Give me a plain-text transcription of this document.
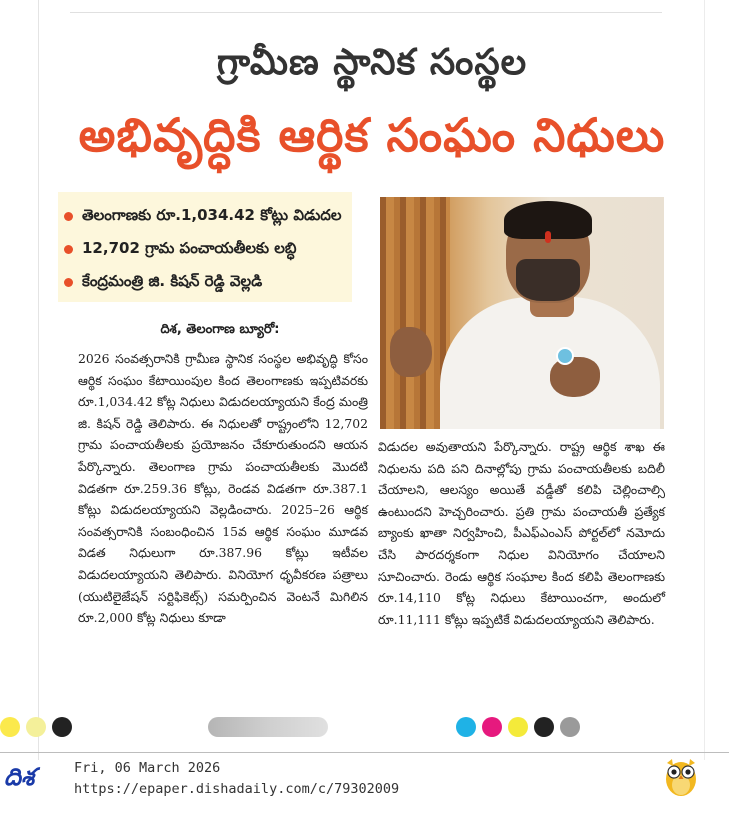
గ్రామీణ స్థానిక సంస్థల
అభివృద్ధికి ఆర్థిక సంఘం నిధులు
తెలంగాణకు రూ.1,034.42 కోట్లు విడుదల
12,702 గ్రామ పంచాయతీలకు లబ్ధి
కేంద్రమంత్రి జి. కిషన్ రెడ్డి వెల్లడి
దిశ, తెలంగాణ బ్యూరో:

2026 సంవత్సరానికి గ్రామీణ స్థానిక సంస్థల అభివృద్ధి కోసం ఆర్థిక సంఘం కేటాయింపుల కింద తెలంగాణకు ఇప్పటివరకు రూ.1,034.42 కోట్ల నిధులు విడుదలయ్యాయని కేంద్ర మంత్రి జి. కిషన్ రెడ్డి తెలిపారు. ఈ నిధులతో రాష్ట్రంలోని 12,702 గ్రామ పంచాయతీలకు ప్రయోజనం చేకూరుతుందని ఆయన పేర్కొన్నారు. తెలంగాణ గ్రామ పంచాయతీలకు మొదటి విడతగా రూ.259.36 కోట్లు, రెండవ విడతగా రూ.387.1 కోట్లు విడుదలయ్యాయని వెల్లడించారు. 2025–26 ఆర్థిక సంవత్సరానికి సంబంధించిన 15వ ఆర్థిక సంఘం మూడవ విడత నిధులుగా రూ.387.96 కోట్లు ఇటీవల విడుదలయ్యాయని తెలిపారు. వినియోగ ధృవీకరణ పత్రాలు (యుటిలైజేషన్ సర్టిఫికెట్స్) సమర్పించిన వెంటనే మిగిలిన రూ.2,000 కోట్ల నిధులు కూడా

విడుదల అవుతాయని పేర్కొన్నారు. రాష్ట్ర ఆర్థిక శాఖ ఈ నిధులను పది పని దినాల్లోపు గ్రామ పంచాయతీలకు బదిలీ చేయాలని, ఆలస్యం అయితే వడ్డీతో కలిపి చెల్లించాల్సి ఉంటుందని హెచ్చరించారు. ప్రతి గ్రామ పంచాయతీ ప్రత్యేక బ్యాంకు ఖాతా నిర్వహించి, పీఎఫ్ఎంఎస్ పోర్టల్‌లో నమోదు చేసి పారదర్శకంగా నిధుల వినియోగం చేయాలని సూచించారు. రెండు ఆర్థిక సంఘాల కింద కలిపి తెలంగాణకు రూ.14,110 కోట్ల నిధులు కేటాయించగా, అందులో రూ.11,111 కోట్లు ఇప్పటికే విడుదలయ్యాయని తెలిపారు.

దిశ	Fri, 06 March 2026
https://epaper.dishadaily.com/c/79302009
